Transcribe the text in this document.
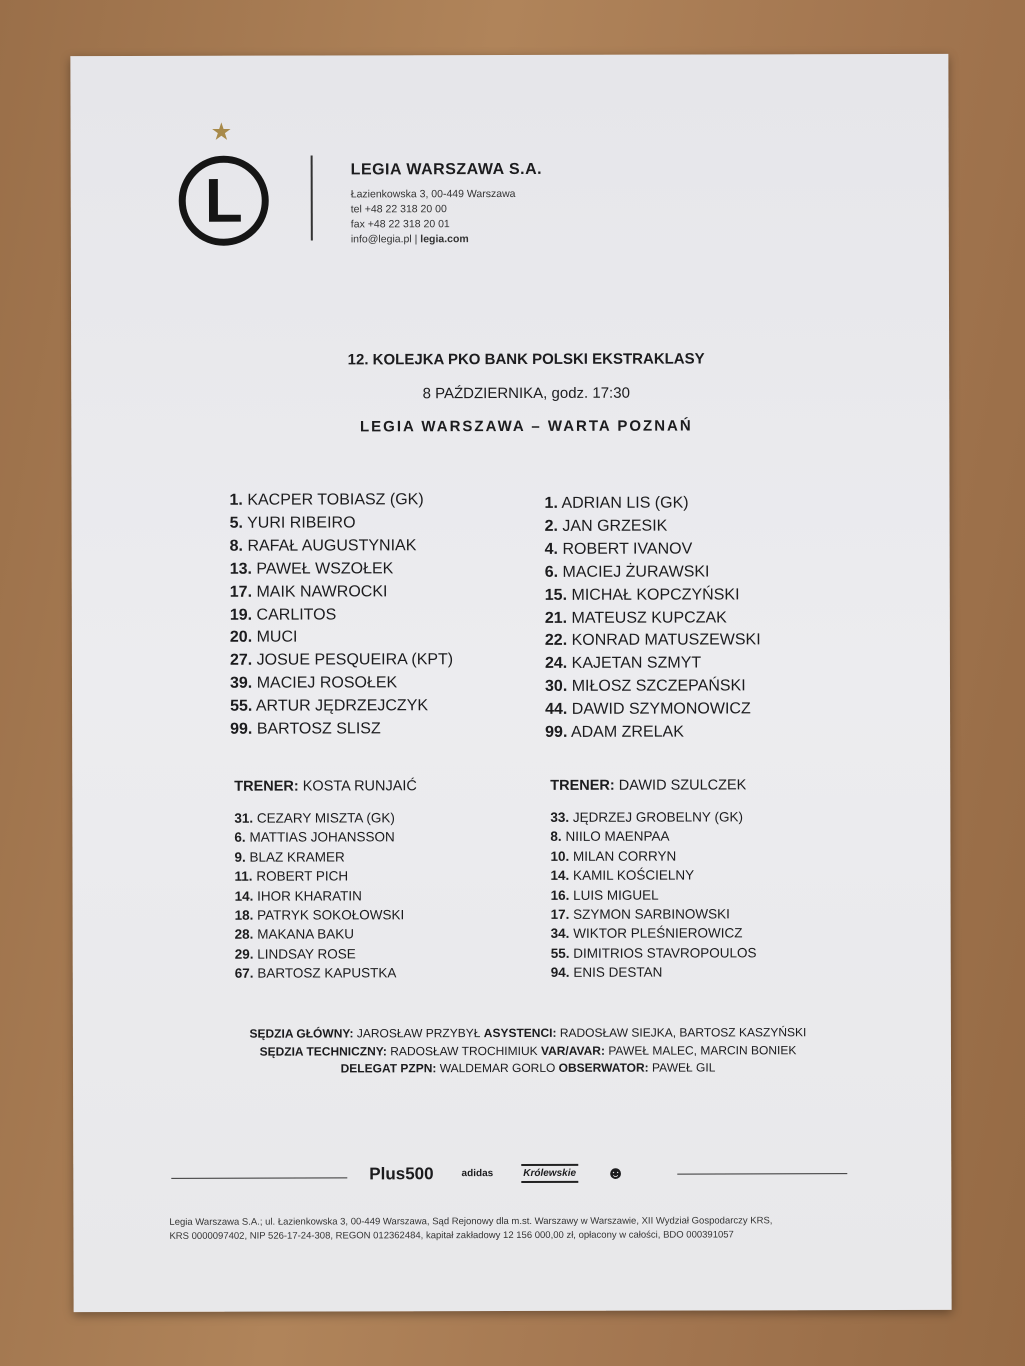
★
L	LEGIA WARSZAWA S.A.
Łazienkowska 3, 00-449 Warszawa
tel +48 22 318 20 00
fax +48 22 318 20 01
info@legia.pl | legia.com
12. KOLEJKA PKO BANK POLSKI EKSTRAKLASY
8 PAŹDZIERNIKA, godz. 17:30
LEGIA WARSZAWA – WARTA POZNAŃ
1. KACPER TOBIASZ (GK)
5. YURI RIBEIRO
8. RAFAŁ AUGUSTYNIAK
13. PAWEŁ WSZOŁEK
17. MAIK NAWROCKI
19. CARLITOS
20. MUCI
27. JOSUE PESQUEIRA (KPT)
39. MACIEJ ROSOŁEK
55. ARTUR JĘDRZEJCZYK
99. BARTOSZ SLISZ
1. ADRIAN LIS (GK)
2. JAN GRZESIK
4. ROBERT IVANOV
6. MACIEJ ŻURAWSKI
15. MICHAŁ KOPCZYŃSKI
21. MATEUSZ KUPCZAK
22. KONRAD MATUSZEWSKI
24. KAJETAN SZMYT
30. MIŁOSZ SZCZEPAŃSKI
44. DAWID SZYMONOWICZ
99. ADAM ZRELAK
TRENER: KOSTA RUNJAIĆ	TRENER: DAWID SZULCZEK
31. CEZARY MISZTA (GK)
6. MATTIAS JOHANSSON
9. BLAZ KRAMER
11. ROBERT PICH
14. IHOR KHARATIN
18. PATRYK SOKOŁOWSKI
28. MAKANA BAKU
29. LINDSAY ROSE
67. BARTOSZ KAPUSTKA
33. JĘDRZEJ GROBELNY (GK)
8. NIILO MAENPAA
10. MILAN CORRYN
14. KAMIL KOŚCIELNY
16. LUIS MIGUEL
17. SZYMON SARBINOWSKI
34. WIKTOR PLEŚNIEROWICZ
55. DIMITRIOS STAVROPOULOS
94. ENIS DESTAN
SĘDZIA GŁÓWNY: JAROSŁAW PRZYBYŁ ASYSTENCI: RADOSŁAW SIEJKA, BARTOSZ KASZYŃSKI
SĘDZIA TECHNICZNY: RADOSŁAW TROCHIMIUK VAR/AVAR: PAWEŁ MALEC, MARCIN BONIEK
DELEGAT PZPN: WALDEMAR GORLO OBSERWATOR: PAWEŁ GIL
Plus500	adidas	Królewskie ☻
Legia Warszawa S.A.; ul. Łazienkowska 3, 00-449 Warszawa, Sąd Rejonowy dla m.st. Warszawy w Warszawie, XII Wydział Gospodarczy KRS,
KRS 0000097402, NIP 526-17-24-308, REGON 012362484, kapitał zakładowy 12 156 000,00 zł, opłacony w całości, BDO 000391057
